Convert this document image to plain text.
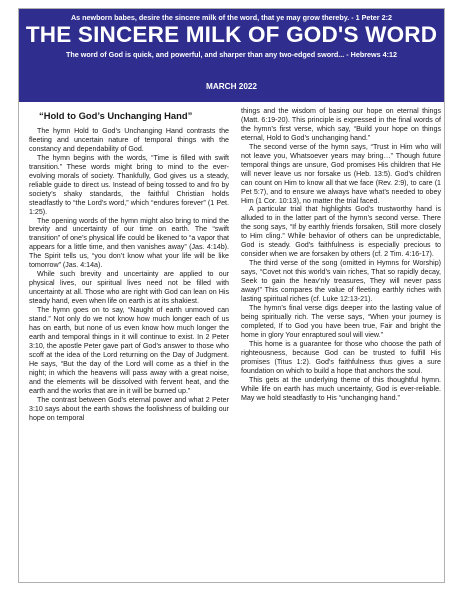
As newborn babes, desire the sincere milk of the word, that ye may grow thereby. - 1 Peter 2:2
THE SINCERE MILK OF GOD'S WORD
The word of God is quick, and powerful, and sharper than any two-edged sword... - Hebrews 4:12
MARCH 2022
“Hold to God’s Unchanging Hand”

The hymn Hold to God’s Unchanging Hand contrasts the fleeting and uncertain nature of temporal things with the constancy and dependability of God.

The hymn begins with the words, “Time is filled with swift transition.” These words might bring to mind to the ever-evolving morals of society. Thankfully, God gives us a steady, reliable guide to direct us. Instead of being tossed to and fro by society’s shaky standards, the faithful Christian holds steadfastly to “the Lord’s word,” which “endures forever” (1 Pet. 1:25).

The opening words of the hymn might also bring to mind the brevity and uncertainty of our time on earth. The “swift transition” of one’s physical life could be likened to “a vapor that appears for a little time, and then vanishes away” (Jas. 4:14b). The Spirit tells us, “you don’t know what your life will be like tomorrow” (Jas. 4:14a).

While such brevity and uncertainty are applied to our physical lives, our spiritual lives need not be filled with uncertainty at all. Those who are right with God can lean on His steady hand, even when life on earth is at its shakiest.

The hymn goes on to say, “Naught of earth unmoved can stand.” Not only do we not know how much longer each of us has on earth, but none of us even know how much longer the earth and temporal things in it will continue to exist. In 2 Peter 3:10, the apostle Peter gave part of God’s answer to those who scoff at the idea of the Lord returning on the Day of Judgment. He says, “But the day of the Lord will come as a thief in the night; in which the heavens will pass away with a great noise, and the elements will be dissolved with fervent heat, and the earth and the works that are in it will be burned up.”

The contrast between God’s eternal power and what 2 Peter 3:10 says about the earth shows the foolishness of building our hope on temporal

things and the wisdom of basing our hope on eternal things (Matt. 6:19-20). This principle is expressed in the final words of the hymn’s first verse, which say, “Build your hope on things eternal, Hold to God’s unchanging hand.”

The second verse of the hymn says, “Trust in Him who will not leave you, Whatsoever years may bring…” Though future temporal things are unsure, God promises His children that He will never leave us nor forsake us (Heb. 13:5). God’s children can count on Him to know all that we face (Rev. 2:9), to care (1 Pet 5:7), and to ensure we always have what’s needed to obey Him (1 Cor. 10:13), no matter the trial faced.

A particular trial that highlights God’s trustworthy hand is alluded to in the latter part of the hymn’s second verse. There the song says, “If by earthly friends forsaken, Still more closely to Him cling.” While behavior of others can be unpredictable, God is steady. God’s faithfulness is especially precious to consider when we are forsaken by others (cf. 2 Tim. 4:16-17).

The third verse of the song (omitted in Hymns for Worship) says, “Covet not this world’s vain riches, That so rapidly decay, Seek to gain the heav’nly treasures, They will never pass away!” This compares the value of fleeting earthly riches with lasting spiritual riches (cf. Luke 12:13-21).

The hymn’s final verse digs deeper into the lasting value of being spiritually rich. The verse says, “When your journey is completed, If to God you have been true, Fair and bright the home in glory Your enraptured soul will view.”

This home is a guarantee for those who choose the path of righteousness, because God can be trusted to fulfill His promises (Titus 1:2). God’s faithfulness thus gives a sure foundation on which to build a hope that anchors the soul.

This gets at the underlying theme of this thoughtful hymn. While life on earth has much uncertainty, God is ever-reliable. May we hold steadfastly to His “unchanging hand.”
